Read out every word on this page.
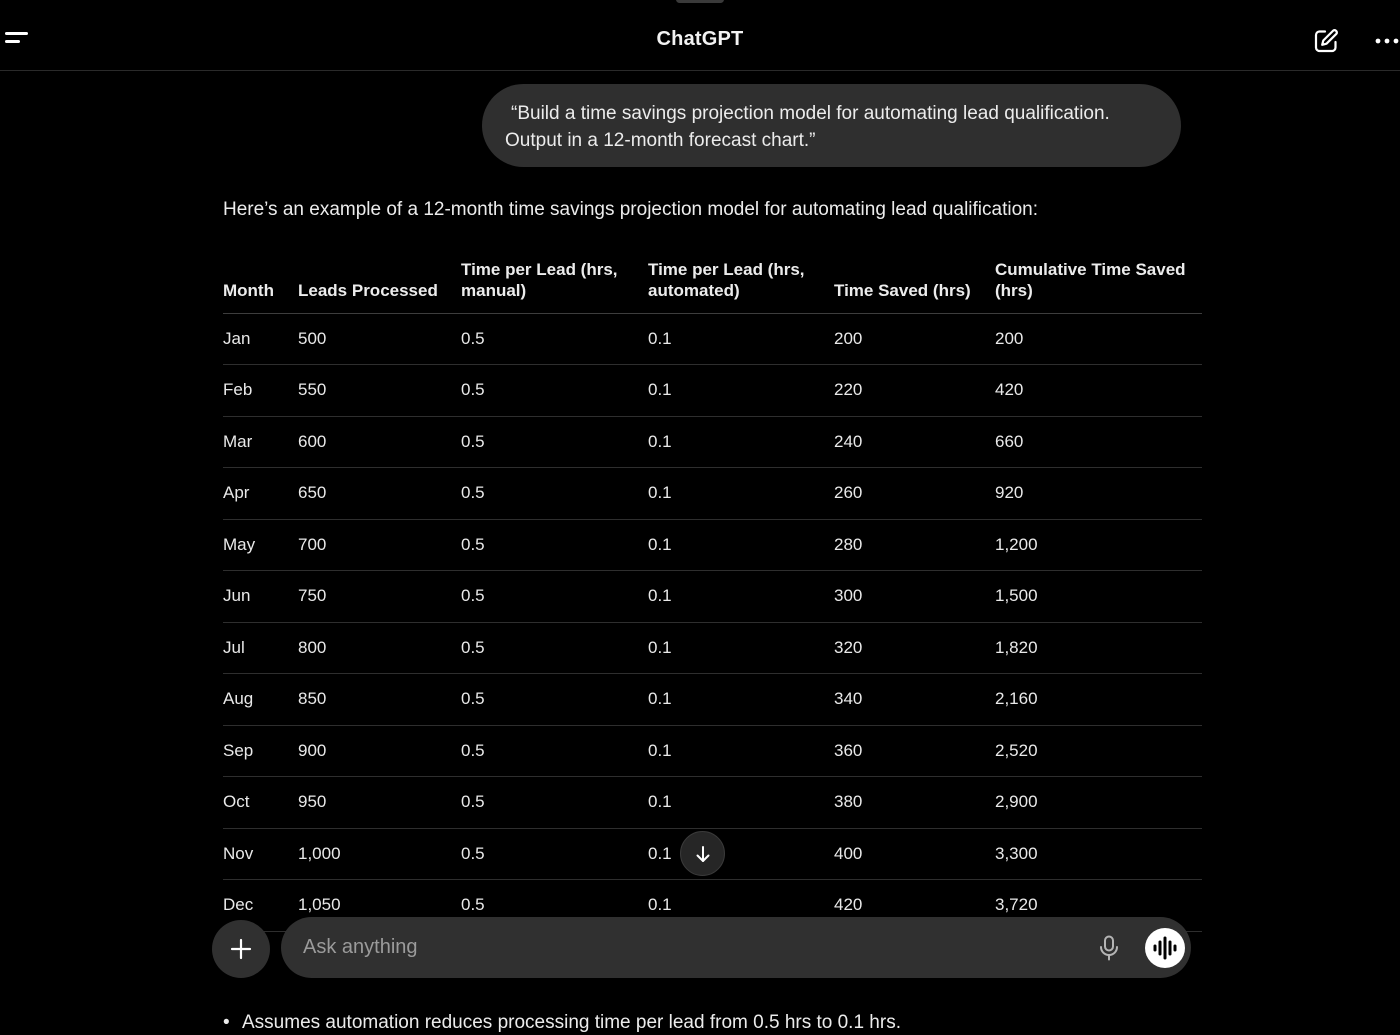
ChatGPT
“Build a time savings projection model for automating lead qualification.
Output in a 12-month forecast chart.”
Here’s an example of a 12-month time savings projection model for automating lead qualification:
Month	Leads Processed	Time per Lead (hrs, manual)	Time per Lead (hrs, automated)	Time Saved (hrs)	Cumulative Time Saved (hrs)
Jan	500	0.5	0.1	200	200
Feb	550	0.5	0.1	220	420
Mar	600	0.5	0.1	240	660
Apr	650	0.5	0.1	260	920
May	700	0.5	0.1	280	1,200
Jun	750	0.5	0.1	300	1,500
Jul	800	0.5	0.1	320	1,820
Aug	850	0.5	0.1	340	2,160
Sep	900	0.5	0.1	360	2,520
Oct	950	0.5	0.1	380	2,900
Nov	1,000	0.5	0.1	400	3,300
Dec	1,050	0.5	0.1	420	3,720
Ask anything
• Assumes automation reduces processing time per lead from 0.5 hrs to 0.1 hrs.
